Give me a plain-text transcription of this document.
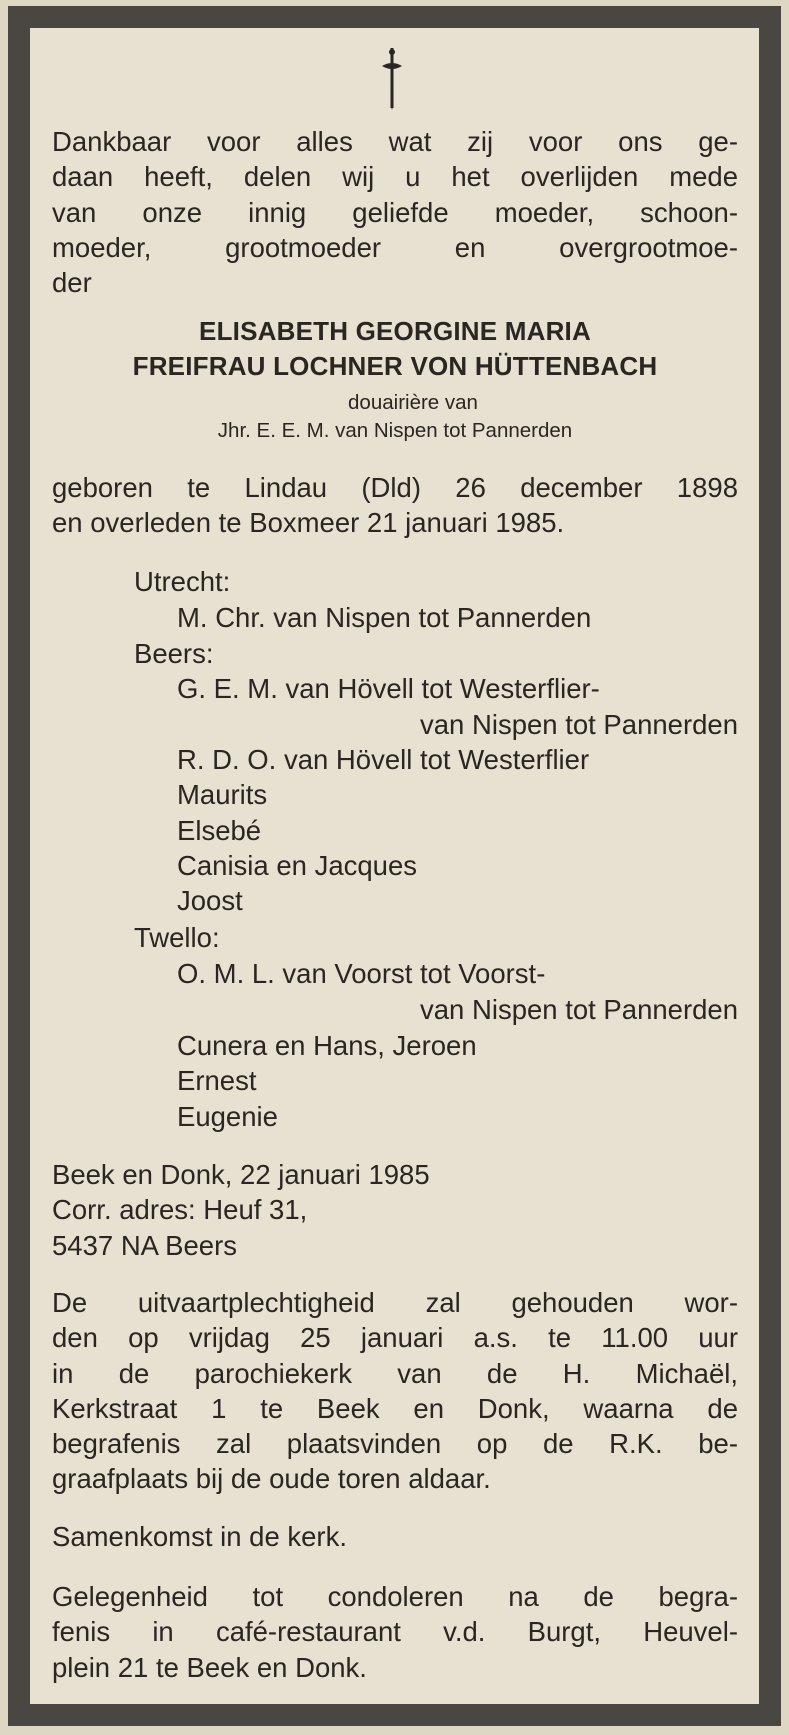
Dankbaar voor alles wat zij voor ons ge-
daan heeft, delen wij u het overlijden mede
van onze innig geliefde moeder, schoon-
moeder, grootmoeder en overgrootmoe-
der
ELISABETH GEORGINE MARIA
FREIFRAU LOCHNER VON HÜTTENBACH
douairière van
Jhr. E. E. M. van Nispen tot Pannerden
geboren te Lindau (Dld) 26 december 1898
en overleden te Boxmeer 21 januari 1985.
Utrecht:
M. Chr. van Nispen tot Pannerden
Beers:
G. E. M. van Hövell tot Westerflier-
van Nispen tot Pannerden
R. D. O. van Hövell tot Westerflier
Maurits
Elsebé
Canisia en Jacques
Joost
Twello:
O. M. L. van Voorst tot Voorst-
van Nispen tot Pannerden
Cunera en Hans, Jeroen
Ernest
Eugenie
Beek en Donk, 22 januari 1985
Corr. adres: Heuf 31,
5437 NA Beers
De uitvaartplechtigheid zal gehouden wor-
den op vrijdag 25 januari a.s. te 11.00 uur
in de parochiekerk van de H. Michaël,
Kerkstraat 1 te Beek en Donk, waarna de
begrafenis zal plaatsvinden op de R.K. be-
graafplaats bij de oude toren aldaar.
Samenkomst in de kerk.
Gelegenheid tot condoleren na de begra-
fenis in café-restaurant v.d. Burgt, Heuvel-
plein 21 te Beek en Donk.
